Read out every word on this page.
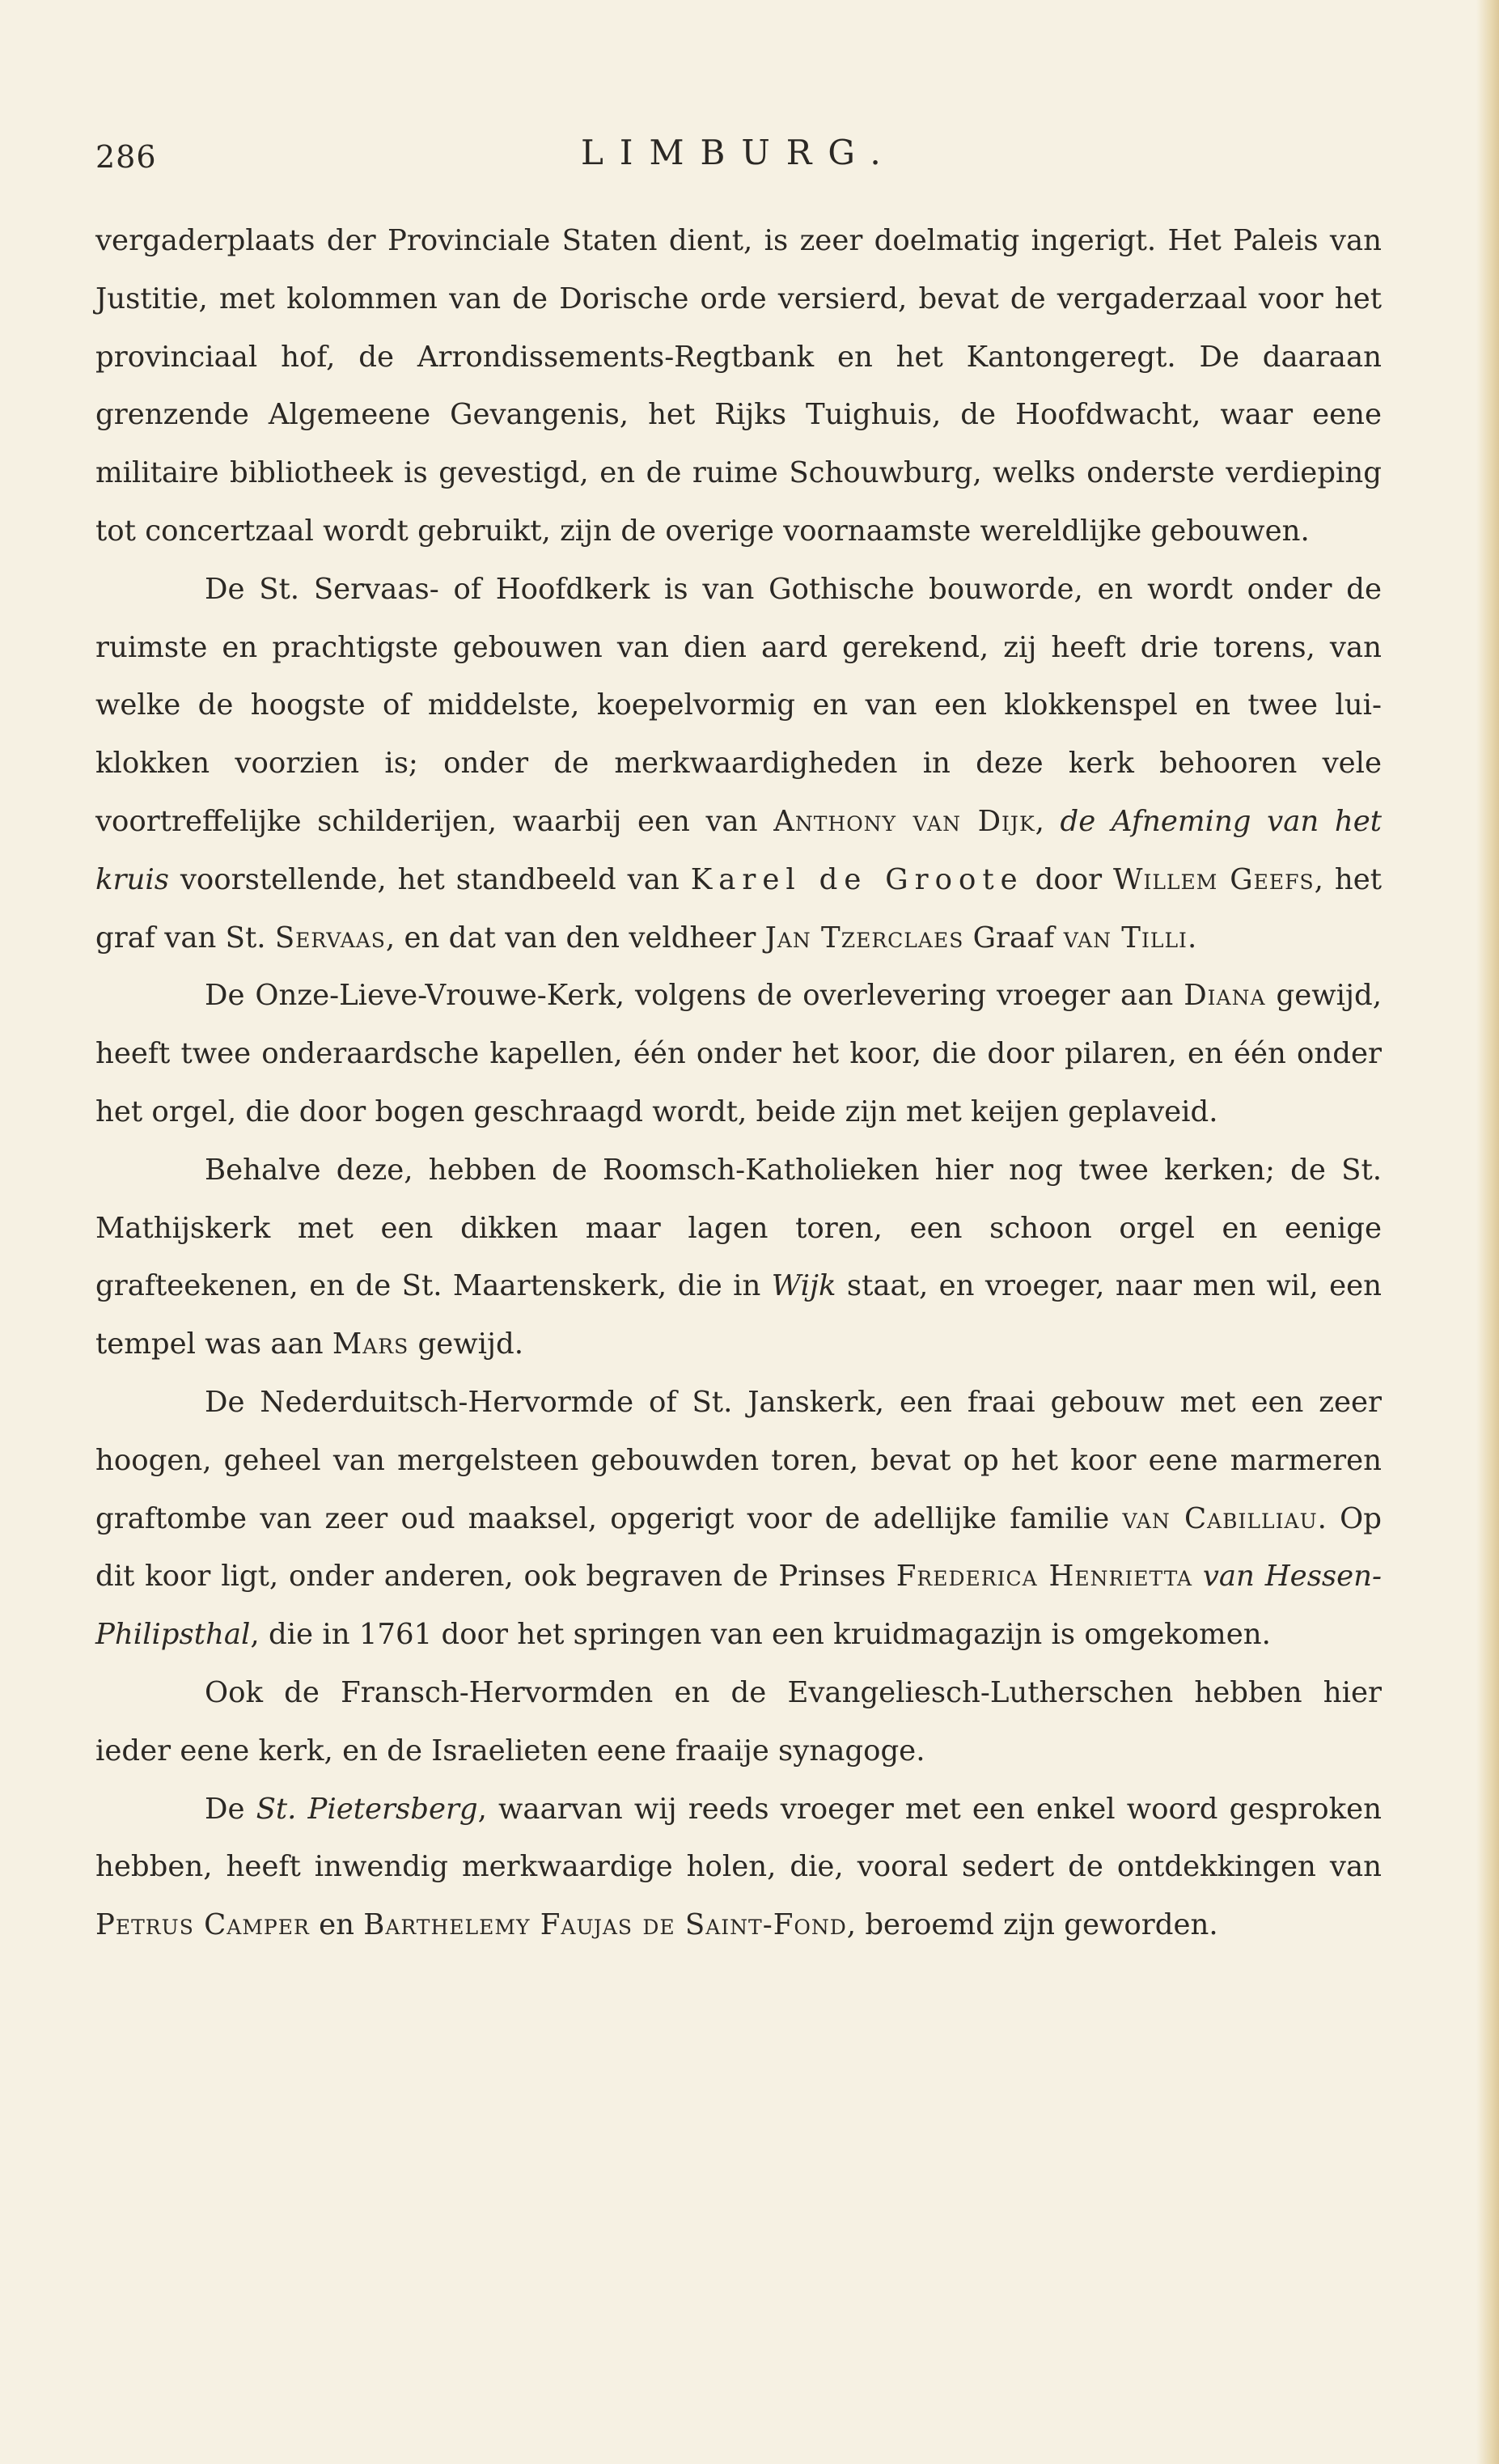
286	LIMBURG.

vergaderplaats der Provinciale Staten dient, is zeer doelmatig ingerigt. Het Paleis van Justitie, met kolommen van de Dorische orde versierd, bevat de vergaderzaal voor het provinciaal hof, de Arrondissements-Regtbank en het Kantongeregt. De daaraan grenzende Algemeene Gevangenis, het Rijks Tuighuis, de Hoofdwacht, waar eene militaire bibliotheek is gevestigd, en de ruime Schouwburg, welks onderste verdieping tot concertzaal wordt gebruikt, zijn de overige voornaamste wereldlijke gebouwen.

De St. Servaas- of Hoofdkerk is van Gothische bouworde, en wordt onder de ruimste en prachtigste gebouwen van dien aard gerekend, zij heeft drie torens, van welke de hoogste of middelste, koepelvormig en van een klokkenspel en twee lui-klokken voorzien is; onder de merkwaardigheden in deze kerk behooren vele voortreffelijke schilderijen, waarbij een van Anthony van Dijk, de Afneming van het kruis voorstellende, het standbeeld van Karel de Groote door Willem Geefs, het graf van St. Servaas, en dat van den veldheer Jan Tzerclaes Graaf van Tilli.

De Onze-Lieve-Vrouwe-Kerk, volgens de overlevering vroeger aan Diana gewijd, heeft twee onderaardsche kapellen, één onder het koor, die door pilaren, en één onder het orgel, die door bogen geschraagd wordt, beide zijn met keijen geplaveid.

Behalve deze, hebben de Roomsch-Katholieken hier nog twee kerken; de St. Mathijskerk met een dikken maar lagen toren, een schoon orgel en eenige grafteekenen, en de St. Maartenskerk, die in Wijk staat, en vroeger, naar men wil, een tempel was aan Mars gewijd.

De Nederduitsch-Hervormde of St. Janskerk, een fraai gebouw met een zeer hoogen, geheel van mergelsteen gebouwden toren, bevat op het koor eene marmeren graftombe van zeer oud maaksel, opgerigt voor de adellijke familie van Cabilliau. Op dit koor ligt, onder anderen, ook begraven de Prinses Frederica Henrietta van Hessen-Philipsthal, die in 1761 door het springen van een kruidmagazijn is omgekomen.

Ook de Fransch-Hervormden en de Evangeliesch-Lutherschen hebben hier ieder eene kerk, en de Israelieten eene fraaije synagoge.

De St. Pietersberg, waarvan wij reeds vroeger met een enkel woord gesproken hebben, heeft inwendig merkwaardige holen, die, vooral sedert de ontdekkingen van Petrus Camper en Barthelemy Faujas de Saint-Fond, beroemd zijn geworden.
